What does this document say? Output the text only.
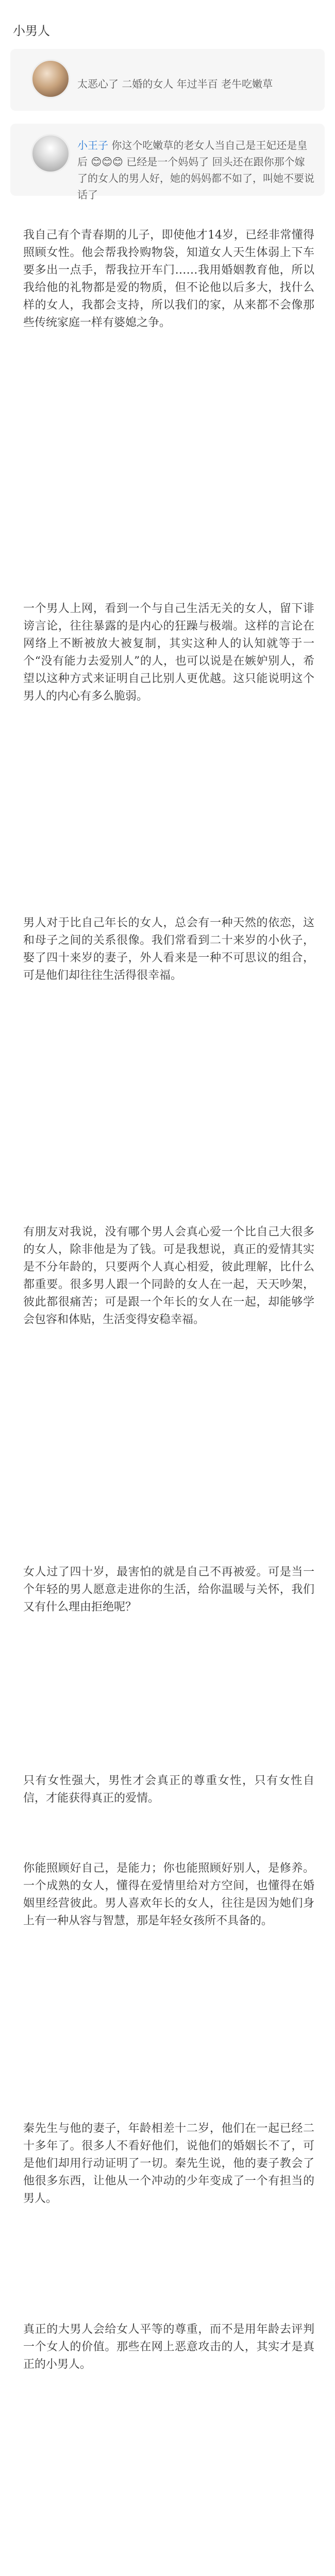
小男人
太恶心了 二婚的女人 年过半百 老牛吃嫩草
小王子 你这个吃嫩草的老女人当自己是王妃还是皇后 😊😊😊 已经是一个妈妈了 回头还在跟你那个嫁了的女人的男人好，她的妈妈都不如了，叫她不要说话了

我自己有个青春期的儿子，即使他才14岁，已经非常懂得照顾女性。他会帮我拎购物袋，知道女人天生体弱上下车要多出一点手，帮我拉开车门……我用婚姻教育他，所以我给他的礼物都是爱的物质，但不论他以后多大，找什么样的女人，我都会支持，所以我们的家，从来都不会像那些传统家庭一样有婆媳之争。

一个男人上网，看到一个与自己生活无关的女人，留下诽谤言论，往往暴露的是内心的狂躁与极端。这样的言论在网络上不断被放大被复制，其实这种人的认知就等于一个“没有能力去爱别人”的人，也可以说是在嫉妒别人，希望以这种方式来证明自己比别人更优越。这只能说明这个男人的内心有多么脆弱。

男人对于比自己年长的女人，总会有一种天然的依恋，这和母子之间的关系很像。我们常看到二十来岁的小伙子，娶了四十来岁的妻子，外人看来是一种不可思议的组合，可是他们却往往生活得很幸福。

有朋友对我说，没有哪个男人会真心爱一个比自己大很多的女人，除非他是为了钱。可是我想说，真正的爱情其实是不分年龄的，只要两个人真心相爱，彼此理解，比什么都重要。很多男人跟一个同龄的女人在一起，天天吵架，彼此都很痛苦；可是跟一个年长的女人在一起，却能够学会包容和体贴，生活变得安稳幸福。

女人过了四十岁，最害怕的就是自己不再被爱。可是当一个年轻的男人愿意走进你的生活，给你温暖与关怀，我们又有什么理由拒绝呢？

只有女性强大，男性才会真正的尊重女性，只有女性自信，才能获得真正的爱情。

你能照顾好自己，是能力；你也能照顾好别人，是修养。一个成熟的女人，懂得在爱情里给对方空间，也懂得在婚姻里经营彼此。男人喜欢年长的女人，往往是因为她们身上有一种从容与智慧，那是年轻女孩所不具备的。

秦先生与他的妻子，年龄相差十二岁，他们在一起已经二十多年了。很多人不看好他们，说他们的婚姻长不了，可是他们却用行动证明了一切。秦先生说，他的妻子教会了他很多东西，让他从一个冲动的少年变成了一个有担当的男人。

真正的大男人会给女人平等的尊重，而不是用年龄去评判一个女人的价值。那些在网上恶意攻击的人，其实才是真正的小男人。
